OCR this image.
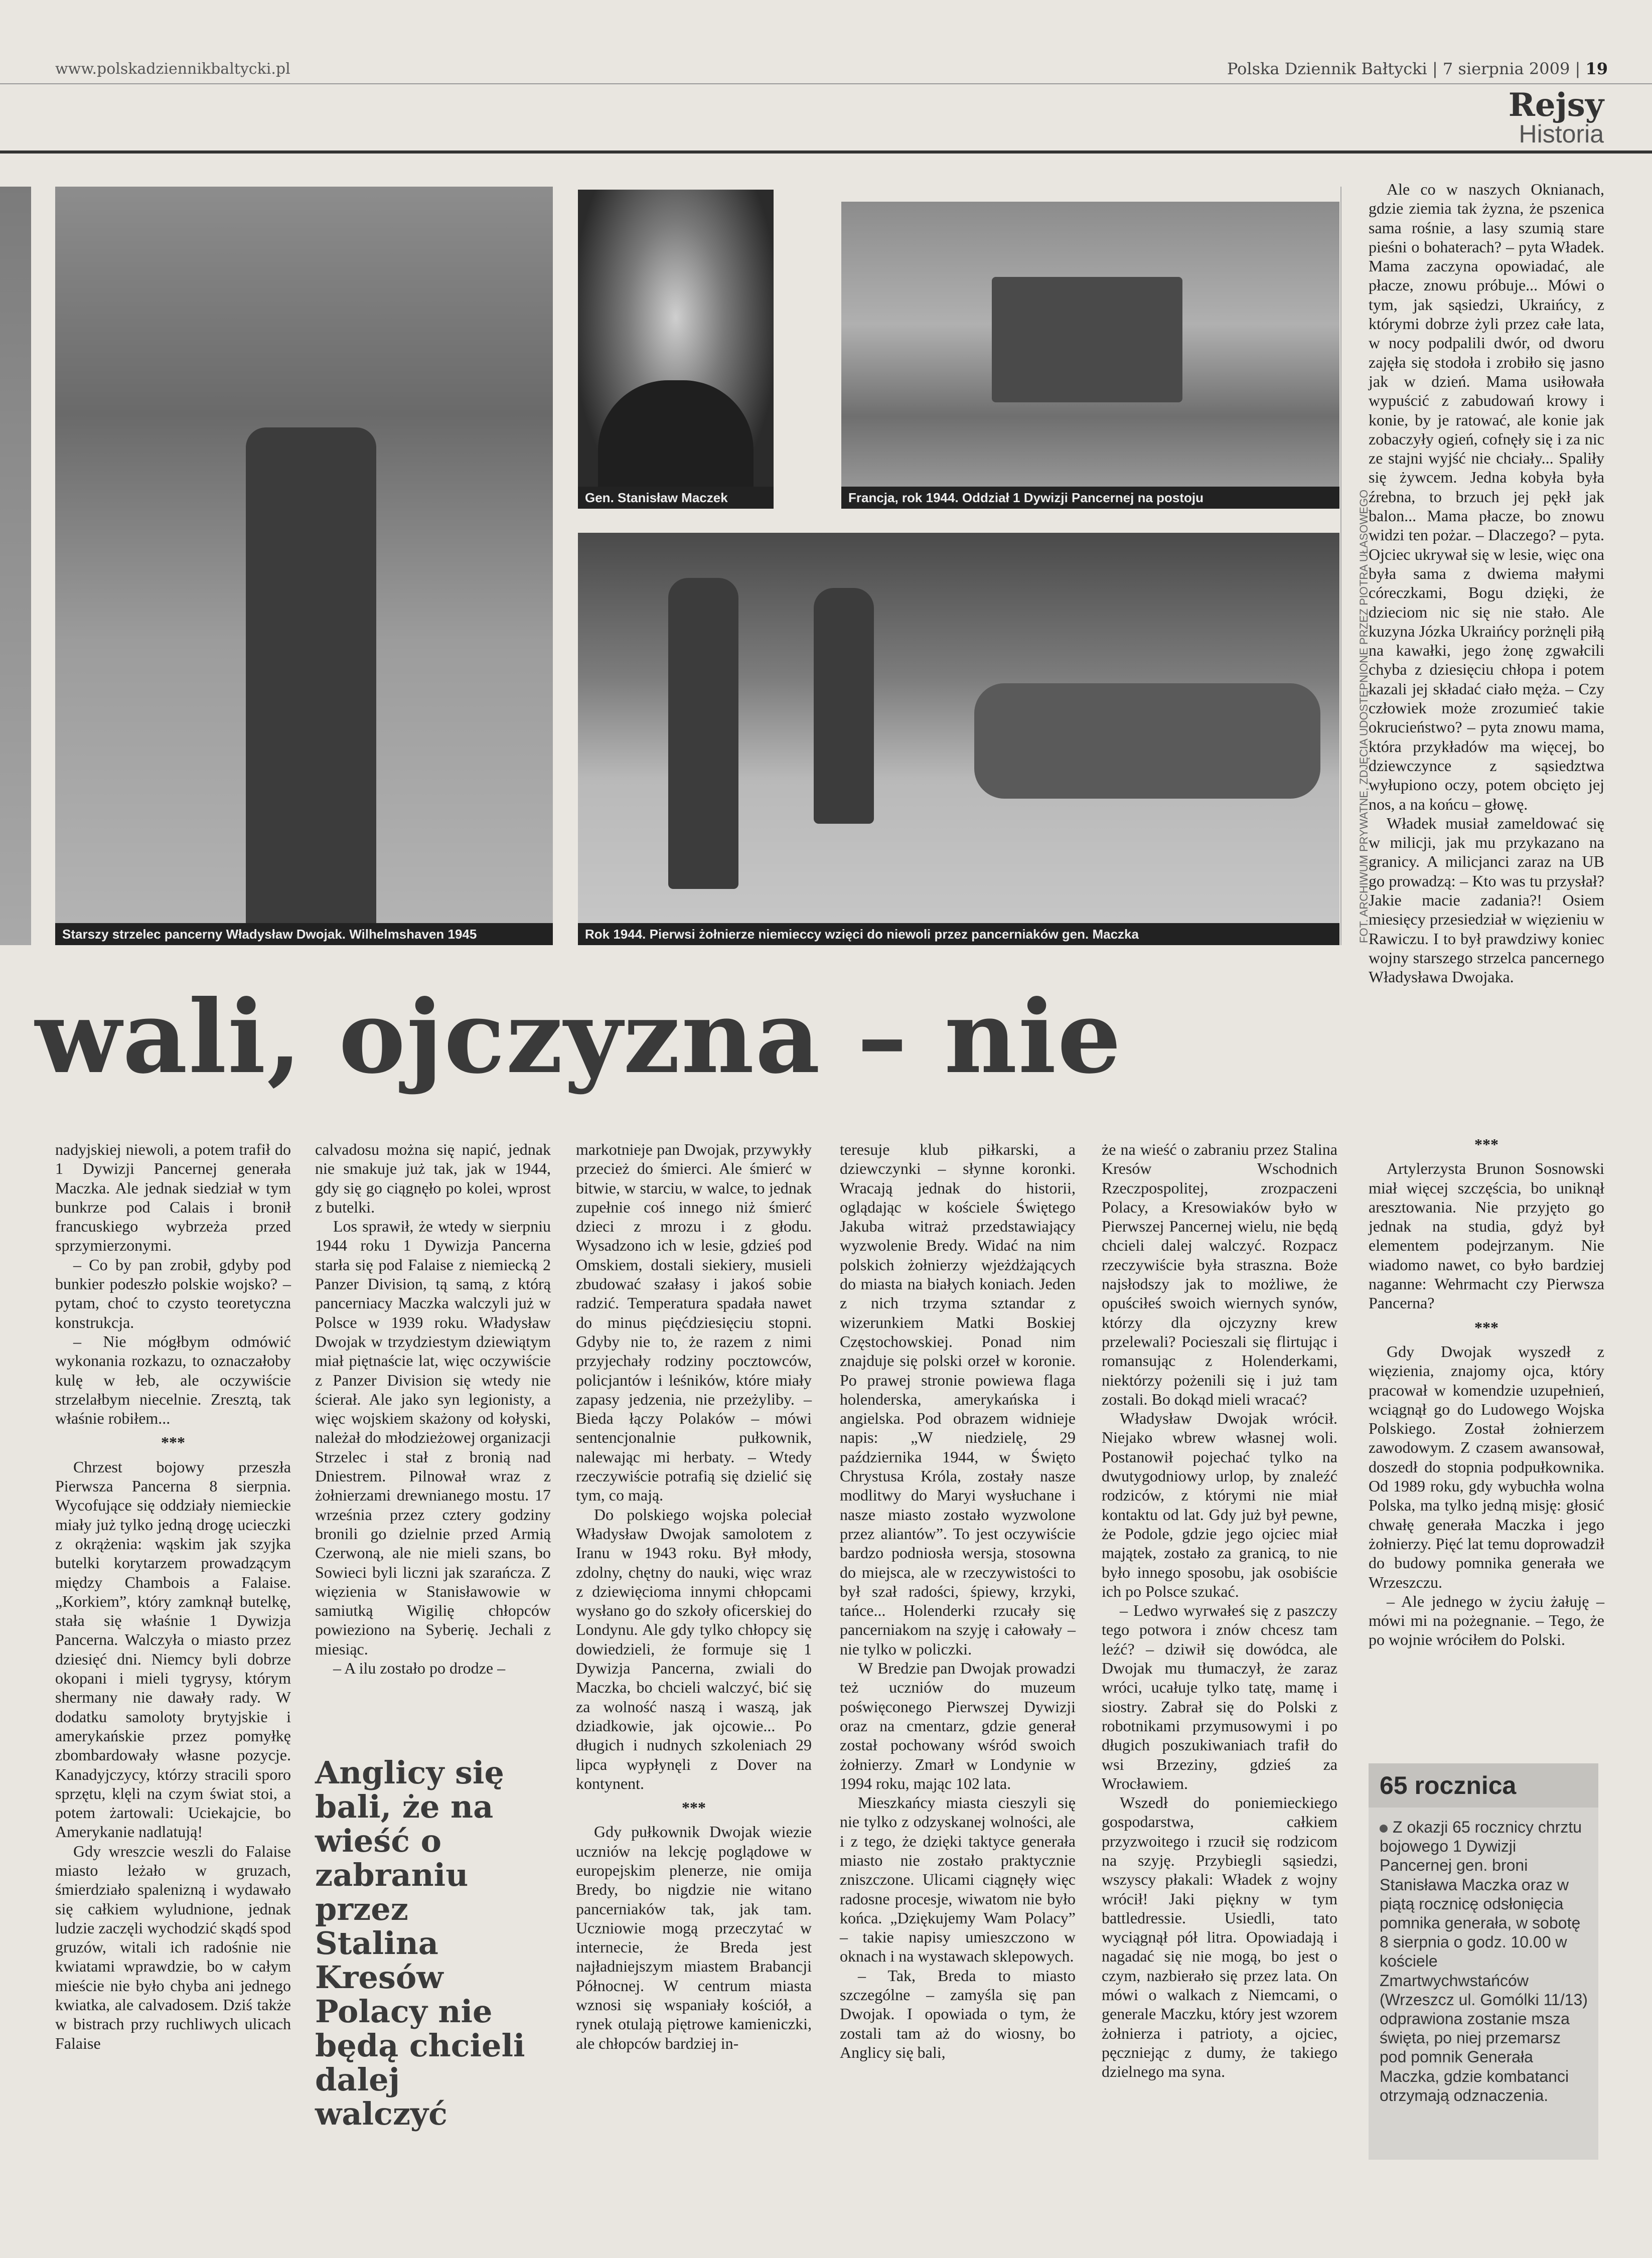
www.polskadziennikbaltycki.pl	Polska Dziennik Bałtycki | 7 sierpnia 2009 | 19
Rejsy
Historia
Starszy strzelec pancerny Władysław Dwojak. Wilhelmshaven 1945
Gen. Stanisław Maczek	Francja, rok 1944. Oddział 1 Dywizji Pancernej na postoju
Rok 1944. Pierwsi żołnierze niemieccy wzięci do niewoli przez pancerniaków gen. Maczka	FOT. ARCHIWUM PRYWATNE, ZDJĘCIA UDOSTĘPNIONE PRZEZ PIOTRA UŁASOWEGO
wali, ojczyzna – nie

nadyjskiej niewoli, a potem trafił do 1 Dywizji Pancernej generała Maczka. Ale jednak siedział w tym bunkrze pod Calais i bronił francuskiego wybrzeża przed sprzymierzonymi.

– Co by pan zrobił, gdyby pod bunkier podeszło polskie wojsko? – pytam, choć to czysto teoretyczna konstrukcja.

– Nie mógłbym odmówić wykonania rozkazu, to oznaczałoby kulę w łeb, ale oczywiście strzelałbym niecelnie. Zresztą, tak właśnie robiłem...

***

Chrzest bojowy przeszła Pierwsza Pancerna 8 sierpnia. Wycofujące się oddziały niemieckie miały już tylko jedną drogę ucieczki z okrążenia: wąskim jak szyjka butelki korytarzem prowadzącym między Chambois a Falaise. „Korkiem”, który zamknął butelkę, stała się właśnie 1 Dywizja Pancerna. Walczyła o miasto przez dziesięć dni. Niemcy byli dobrze okopani i mieli tygrysy, którym shermany nie dawały rady. W dodatku samoloty brytyjskie i amerykańskie przez pomyłkę zbombardowały własne pozycje. Kanadyjczycy, którzy stracili sporo sprzętu, klęli na czym świat stoi, a potem żartowali: Uciekajcie, bo Amerykanie nadlatują!

Gdy wreszcie weszli do Falaise miasto leżało w gruzach, śmierdziało spalenizną i wydawało się całkiem wyludnione, jednak ludzie zaczęli wychodzić skądś spod gruzów, witali ich radośnie nie kwiatami wprawdzie, bo w całym mieście nie było chyba ani jednego kwiatka, ale calvadosem. Dziś także w bistrach przy ruchliwych ulicach Falaise

calvadosu można się napić, jednak nie smakuje już tak, jak w 1944, gdy się go ciągnęło po kolei, wprost z butelki.

Los sprawił, że wtedy w sierpniu 1944 roku 1 Dywizja Pancerna starła się pod Falaise z niemiecką 2 Panzer Division, tą samą, z którą pancerniacy Maczka walczyli już w Polsce w 1939 roku. Władysław Dwojak w trzydziestym dziewiątym miał piętnaście lat, więc oczywiście z Panzer Division się wtedy nie ścierał. Ale jako syn legionisty, a więc wojskiem skażony od kołyski, należał do młodzieżowej organizacji Strzelec i stał z bronią nad Dniestrem. Pilnował wraz z żołnierzami drewnianego mostu. 17 września przez cztery godziny bronili go dzielnie przed Armią Czerwoną, ale nie mieli szans, bo Sowieci byli liczni jak szarańcza. Z więzienia w Stanisławowie w samiutką Wigilię chłopców powieziono na Syberię. Jechali z miesiąc.

– A ilu zostało po drodze –

Anglicy się bali, że na wieść o zabraniu przez Stalina Kresów Polacy nie będą chcieli dalej walczyć

markotnieje pan Dwojak, przywykły przecież do śmierci. Ale śmierć w bitwie, w starciu, w walce, to jednak zupełnie coś innego niż śmierć dzieci z mrozu i z głodu. Wysadzono ich w lesie, gdzieś pod Omskiem, dostali siekiery, musieli zbudować szałasy i jakoś sobie radzić. Temperatura spadała nawet do minus pięćdziesięciu stopni. Gdyby nie to, że razem z nimi przyjechały rodziny pocztowców, policjantów i leśników, które miały zapasy jedzenia, nie przeżyliby. – Bieda łączy Polaków – mówi sentencjonalnie pułkownik, nalewając mi herbaty. – Wtedy rzeczywiście potrafią się dzielić się tym, co mają.

Do polskiego wojska poleciał Władysław Dwojak samolotem z Iranu w 1943 roku. Był młody, zdolny, chętny do nauki, więc wraz z dziewięcioma innymi chłopcami wysłano go do szkoły oficerskiej do Londynu. Ale gdy tylko chłopcy się dowiedzieli, że formuje się 1 Dywizja Pancerna, zwiali do Maczka, bo chcieli walczyć, bić się za wolność naszą i waszą, jak dziadkowie, jak ojcowie... Po długich i nudnych szkoleniach 29 lipca wypłynęli z Dover na kontynent.

***

Gdy pułkownik Dwojak wiezie uczniów na lekcję poglądowe w europejskim plenerze, nie omija Bredy, bo nigdzie nie witano pancerniaków tak, jak tam. Uczniowie mogą przeczytać w internecie, że Breda jest najładniejszym miastem Brabancji Północnej. W centrum miasta wznosi się wspaniały kościół, a rynek otulają piętrowe kamieniczki, ale chłopców bardziej in-

teresuje klub piłkarski, a dziewczynki – słynne koronki. Wracają jednak do historii, oglądając w kościele Świętego Jakuba witraż przedstawiający wyzwolenie Bredy. Widać na nim polskich żołnierzy wjeżdżających do miasta na białych koniach. Jeden z nich trzyma sztandar z wizerunkiem Matki Boskiej Częstochowskiej. Ponad nim znajduje się polski orzeł w koronie. Po prawej stronie powiewa flaga holenderska, amerykańska i angielska. Pod obrazem widnieje napis: „W niedzielę, 29 października 1944, w Święto Chrystusa Króla, zostały nasze modlitwy do Maryi wysłuchane i nasze miasto zostało wyzwolone przez aliantów”. To jest oczywiście bardzo podniosła wersja, stosowna do miejsca, ale w rzeczywistości to był szał radości, śpiewy, krzyki, tańce... Holenderki rzucały się pancerniakom na szyję i całowały – nie tylko w policzki.

W Bredzie pan Dwojak prowadzi też uczniów do muzeum poświęconego Pierwszej Dywizji oraz na cmentarz, gdzie generał został pochowany wśród swoich żołnierzy. Zmarł w Londynie w 1994 roku, mając 102 lata.

Mieszkańcy miasta cieszyli się nie tylko z odzyskanej wolności, ale i z tego, że dzięki taktyce generała miasto nie zostało praktycznie zniszczone. Ulicami ciągnęły więc radosne procesje, wiwatom nie było końca. „Dziękujemy Wam Polacy” – takie napisy umieszczono w oknach i na wystawach sklepowych.

– Tak, Breda to miasto szczególne – zamyśla się pan Dwojak. I opowiada o tym, że zostali tam aż do wiosny, bo Anglicy się bali,

że na wieść o zabraniu przez Stalina Kresów Wschodnich Rzeczpospolitej, zrozpaczeni Polacy, a Kresowiaków było w Pierwszej Pancernej wielu, nie będą chcieli dalej walczyć. Rozpacz rzeczywiście była straszna. Boże najsłodszy jak to możliwe, że opuściłeś swoich wiernych synów, którzy dla ojczyzny krew przelewali? Pocieszali się flirtując i romansując z Holenderkami, niektórzy pożenili się i już tam zostali. Bo dokąd mieli wracać?

Władysław Dwojak wrócił. Niejako wbrew własnej woli. Postanowił pojechać tylko na dwutygodniowy urlop, by znaleźć rodziców, z którymi nie miał kontaktu od lat. Gdy już był pewne, że Podole, gdzie jego ojciec miał majątek, zostało za granicą, to nie było innego sposobu, jak osobiście ich po Polsce szukać.

– Ledwo wyrwałeś się z paszczy tego potwora i znów chcesz tam leźć? – dziwił się dowódca, ale Dwojak mu tłumaczył, że zaraz wróci, ucałuje tylko tatę, mamę i siostry. Zabrał się do Polski z robotnikami przymusowymi i po długich poszukiwaniach trafił do wsi Brzeziny, gdzieś za Wrocławiem.

Wszedł do poniemieckiego gospodarstwa, całkiem przyzwoitego i rzucił się rodzicom na szyję. Przybiegli sąsiedzi, wszyscy płakali: Władek z wojny wrócił! Jaki piękny w tym battledressie. Usiedli, tato wyciągnął pół litra. Opowiadają i nagadać się nie mogą, bo jest o czym, nazbierało się przez lata. On mówi o walkach z Niemcami, o generale Maczku, który jest wzorem żołnierza i patrioty, a ojciec, pęczniejąc z dumy, że takiego dzielnego ma syna.

Ale co w naszych Oknianach, gdzie ziemia tak żyzna, że pszenica sama rośnie, a lasy szumią stare pieśni o bohaterach? – pyta Władek. Mama zaczyna opowiadać, ale płacze, znowu próbuje... Mówi o tym, jak sąsiedzi, Ukraińcy, z którymi dobrze żyli przez całe lata, w nocy podpalili dwór, od dworu zajęła się stodoła i zrobiło się jasno jak w dzień. Mama usiłowała wypuścić z zabudowań krowy i konie, by je ratować, ale konie jak zobaczyły ogień, cofnęły się i za nic ze stajni wyjść nie chciały... Spaliły się żywcem. Jedna kobyła była źrebna, to brzuch jej pękł jak balon... Mama płacze, bo znowu widzi ten pożar. – Dlaczego? – pyta. Ojciec ukrywał się w lesie, więc ona była sama z dwiema małymi córeczkami, Bogu dzięki, że dzieciom nic się nie stało. Ale kuzyna Józka Ukraińcy porżnęli piłą na kawałki, jego żonę zgwałcili chyba z dziesięciu chłopa i potem kazali jej składać ciało męża. – Czy człowiek może zrozumieć takie okrucieństwo? – pyta znowu mama, która przykładów ma więcej, bo dziewczynce z sąsiedztwa wyłupiono oczy, potem obcięto jej nos, a na końcu – głowę.

Władek musiał zameldować się w milicji, jak mu przykazano na granicy. A milicjanci zaraz na UB go prowadzą: – Kto was tu przysłał? Jakie macie zadania?! Osiem miesięcy przesiedział w więzieniu w Rawiczu. I to był prawdziwy koniec wojny starszego strzelca pancernego Władysława Dwojaka.

***

Artylerzysta Brunon Sosnowski miał więcej szczęścia, bo uniknął aresztowania. Nie przyjęto go jednak na studia, gdyż był elementem podejrzanym. Nie wiadomo nawet, co było bardziej naganne: Wehrmacht czy Pierwsza Pancerna?

***

Gdy Dwojak wyszedł z więzienia, znajomy ojca, który pracował w komendzie uzupełnień, wciągnął go do Ludowego Wojska Polskiego. Został żołnierzem zawodowym. Z czasem awansował, doszedł do stopnia podpułkownika. Od 1989 roku, gdy wybuchła wolna Polska, ma tylko jedną misję: głosić chwałę generała Maczka i jego żołnierzy. Pięć lat temu doprowadził do budowy pomnika generała we Wrzeszczu.

– Ale jednego w życiu żałuję – mówi mi na pożegnanie. – Tego, że po wojnie wróciłem do Polski.

65 rocznica
Z okazji 65 rocznicy chrztu bojowego 1 Dywizji Pancernej gen. broni Stanisława Maczka oraz w piątą rocznicę odsłonięcia pomnika generała, w sobotę 8 sierpnia o godz. 10.00 w kościele Zmartwychwstańców (Wrzeszcz ul. Gomólki 11/13) odprawiona zostanie msza święta, po niej przemarsz pod pomnik Generała Maczka, gdzie kombatanci otrzymają odznaczenia.
